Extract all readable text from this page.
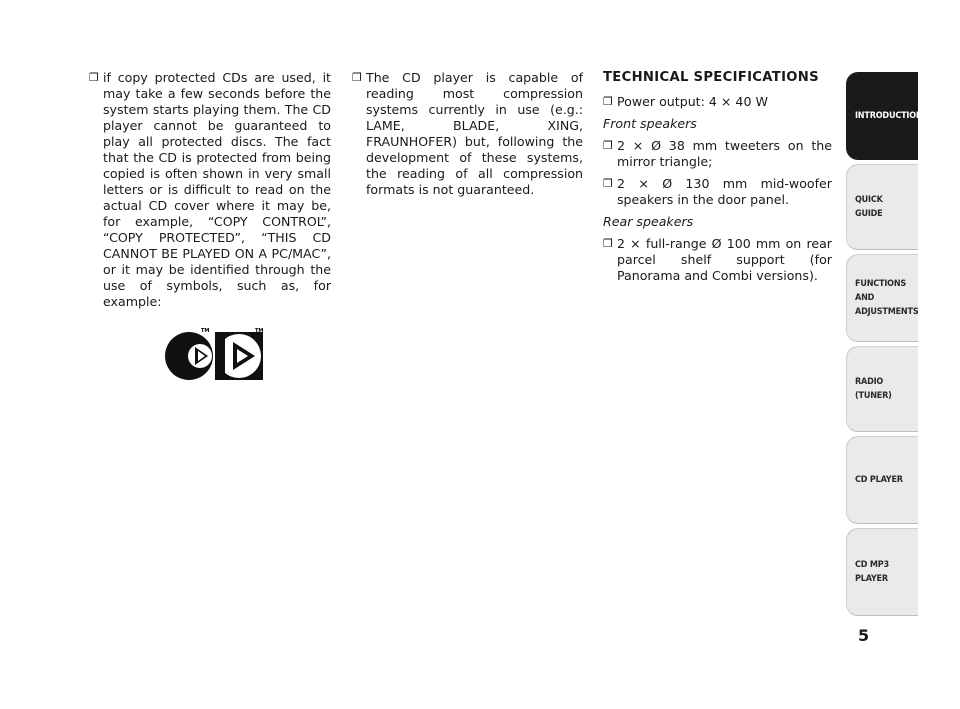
❒ if copy protected CDs are used, it may take a few seconds before the system starts playing them. The CD player cannot be guaranteed to play all protected discs. The fact that the CD is protected from being copied is often shown in very small letters or is difficult to read on the actual CD cover where it may be, for example, “COPY CONTROL”, “COPY PROTECTED”, “THIS CD CANNOT BE PLAYED ON A PC/MAC”, or it may be identified through the use of symbols, such as, for example:
TM	TM
❒ The CD player is capable of reading most compression systems currently in use (e.g.: LAME, BLADE, XING, FRAUNHOFER) but, following the development of these systems, the reading of all compression formats is not guaranteed.
TECHNICAL SPECIFICATIONS
❒ Power output: 4 × 40 W
Front speakers
❒ 2 × Ø 38 mm tweeters on the mirror triangle;
❒ 2 × Ø 130 mm mid-woofer speakers in the door panel.
Rear speakers
❒ 2 × full-range Ø 100 mm on rear parcel shelf support (for Panorama and Combi versions).
INTRODUCTION
QUICK
GUIDE
FUNCTIONS
AND
ADJUSTMENTS
RADIO
(TUNER)
CD PLAYER
CD MP3
PLAYER
5
